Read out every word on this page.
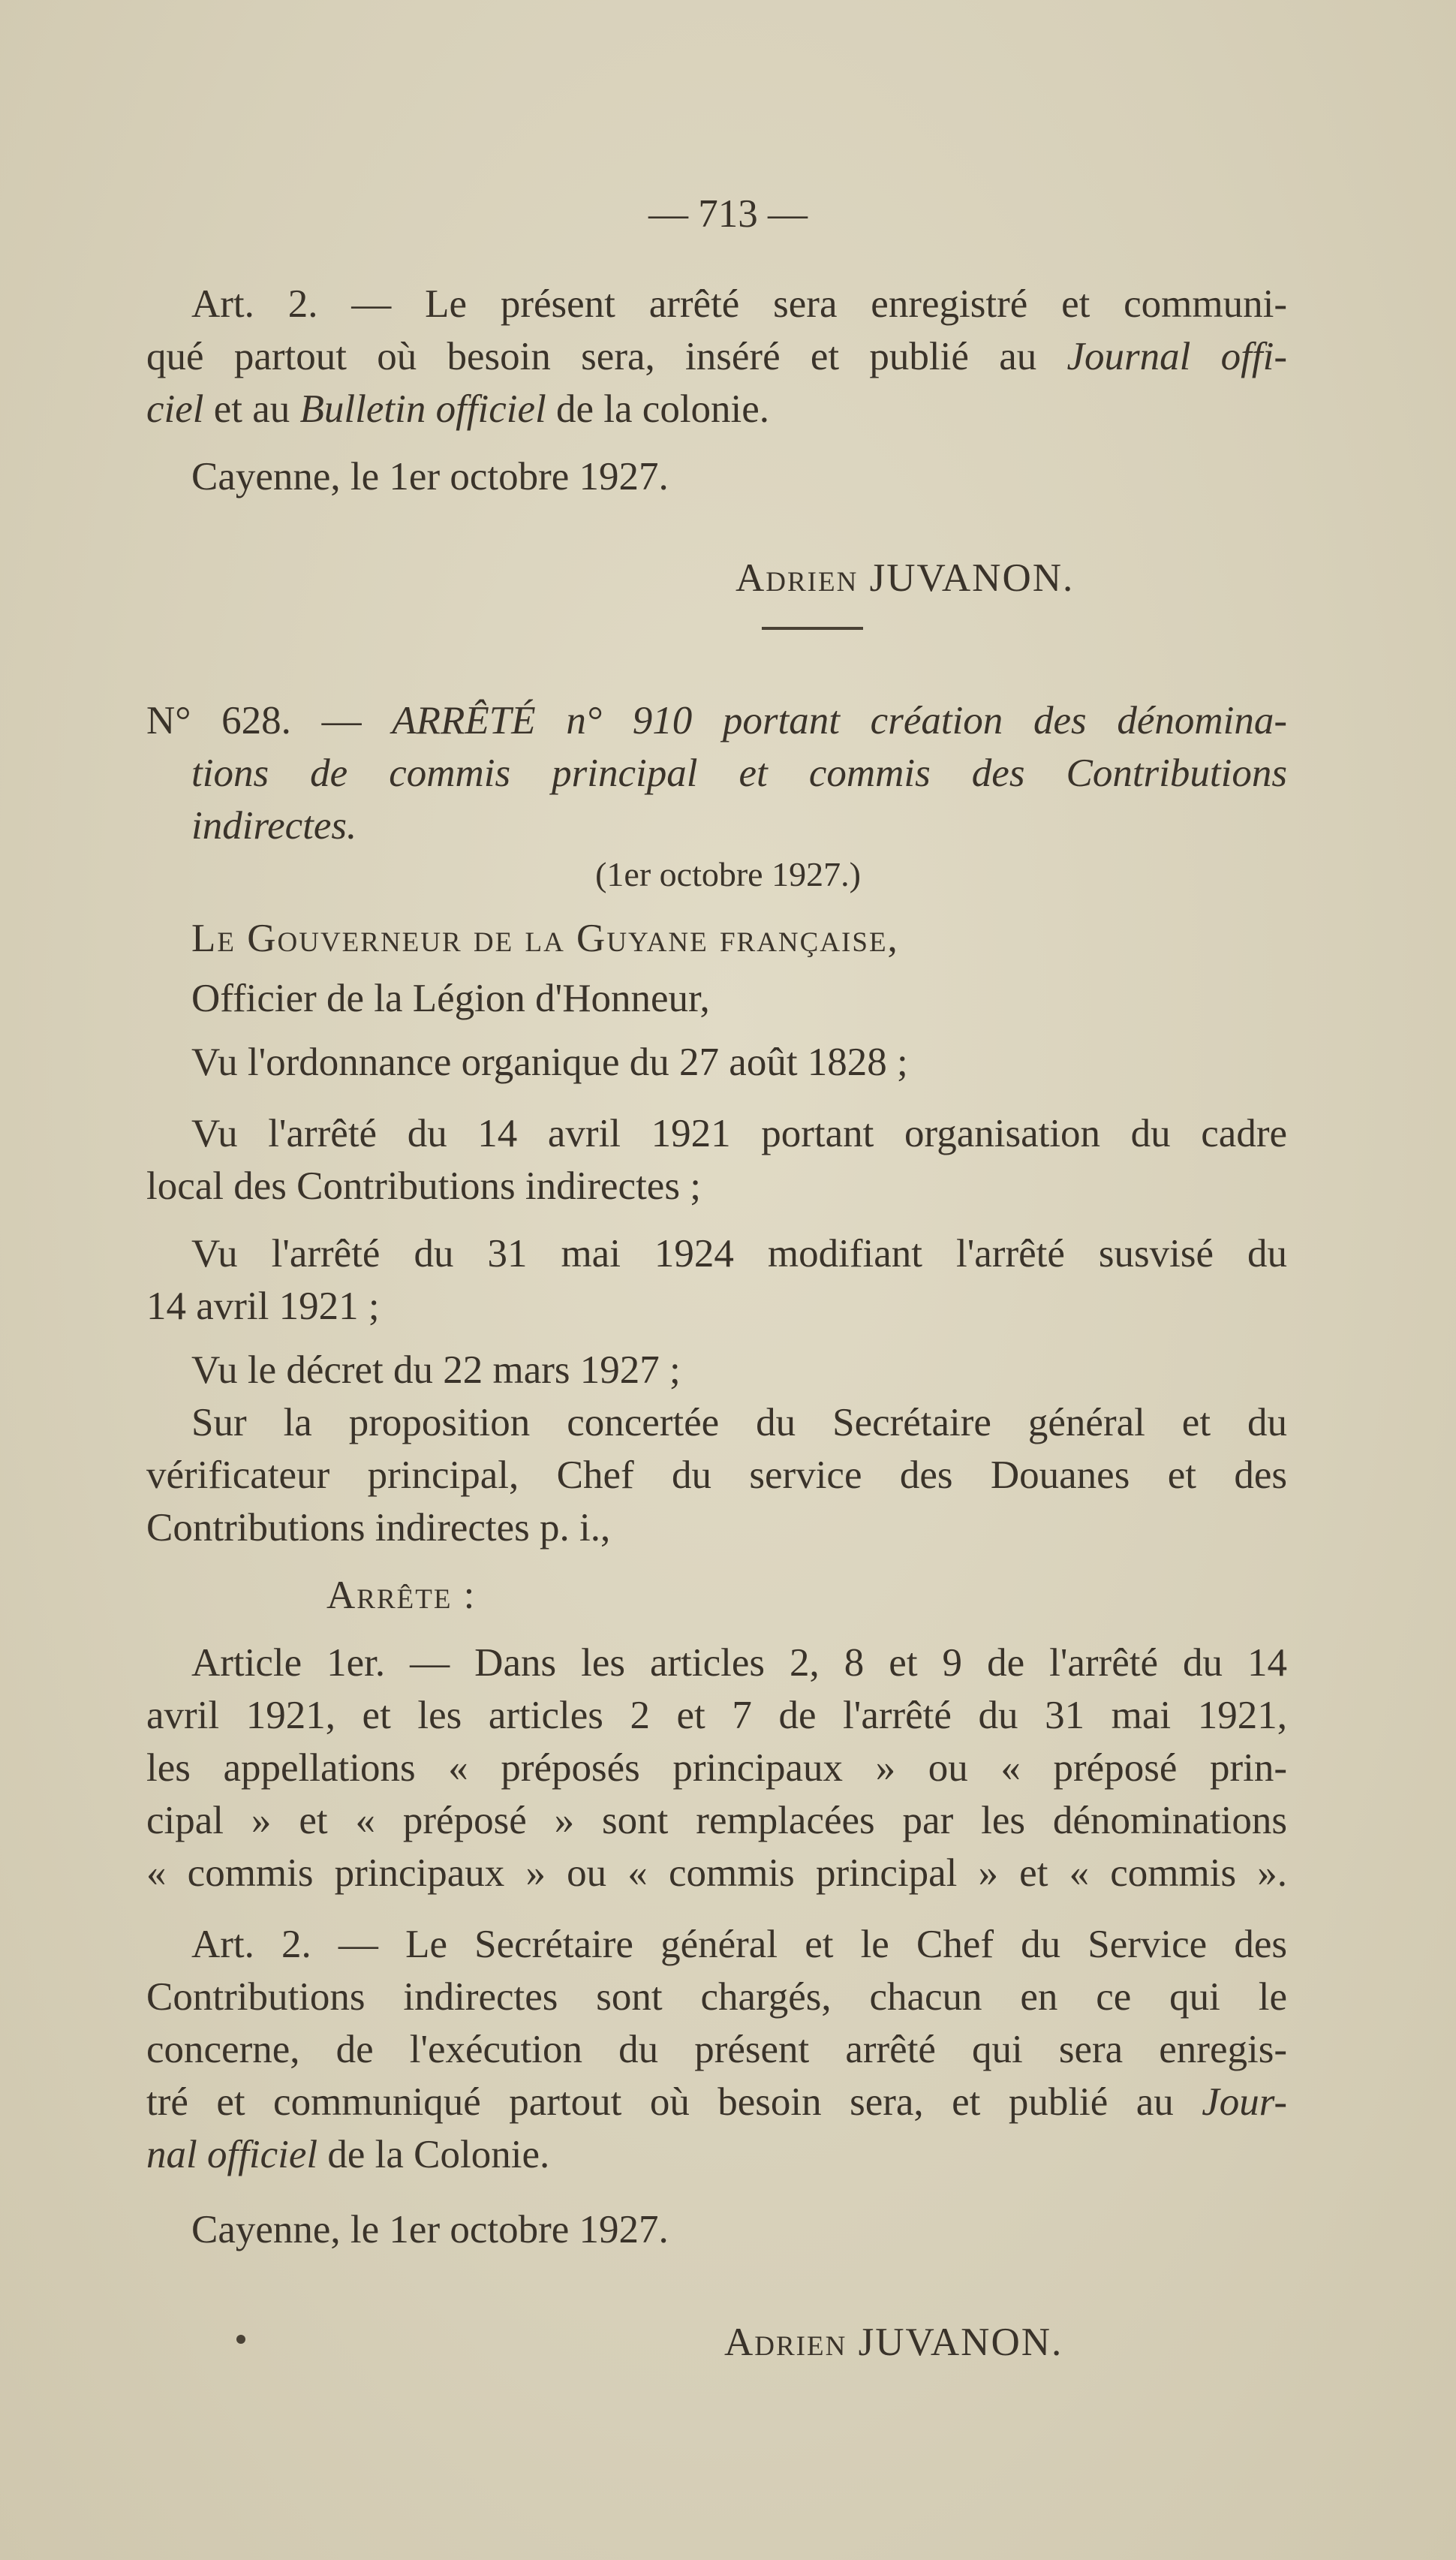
— 713 —
Art. 2. — Le présent arrêté sera enregistré et communi-
qué partout où besoin sera, inséré et publié au Journal offi-
ciel et au Bulletin officiel de la colonie.
Cayenne, le 1er octobre 1927.
Adrien JUVANON.
N° 628. — ARRÊTÉ n° 910 portant création des dénomina-
tions de commis principal et commis des Contributions
indirectes.
(1er octobre 1927.)
Le Gouverneur de la Guyane française,
Officier de la Légion d'Honneur,
Vu l'ordonnance organique du 27 août 1828 ;
Vu l'arrêté du 14 avril 1921 portant organisation du cadre
local des Contributions indirectes ;
Vu l'arrêté du 31 mai 1924 modifiant l'arrêté susvisé du
14 avril 1921 ;
Vu le décret du 22 mars 1927 ;
Sur la proposition concertée du Secrétaire général et du
vérificateur principal, Chef du service des Douanes et des
Contributions indirectes p. i.,
Arrête :
Article 1er. — Dans les articles 2, 8 et 9 de l'arrêté du 14
avril 1921, et les articles 2 et 7 de l'arrêté du 31 mai 1921,
les appellations « préposés principaux » ou « préposé prin-
cipal » et « préposé » sont remplacées par les dénominations
« commis principaux » ou « commis principal » et « commis ».
Art. 2. — Le Secrétaire général et le Chef du Service des
Contributions indirectes sont chargés, chacun en ce qui le
concerne, de l'exécution du présent arrêté qui sera enregis-
tré et communiqué partout où besoin sera, et publié au Jour-
nal officiel de la Colonie.
Cayenne, le 1er octobre 1927.
Adrien JUVANON.
